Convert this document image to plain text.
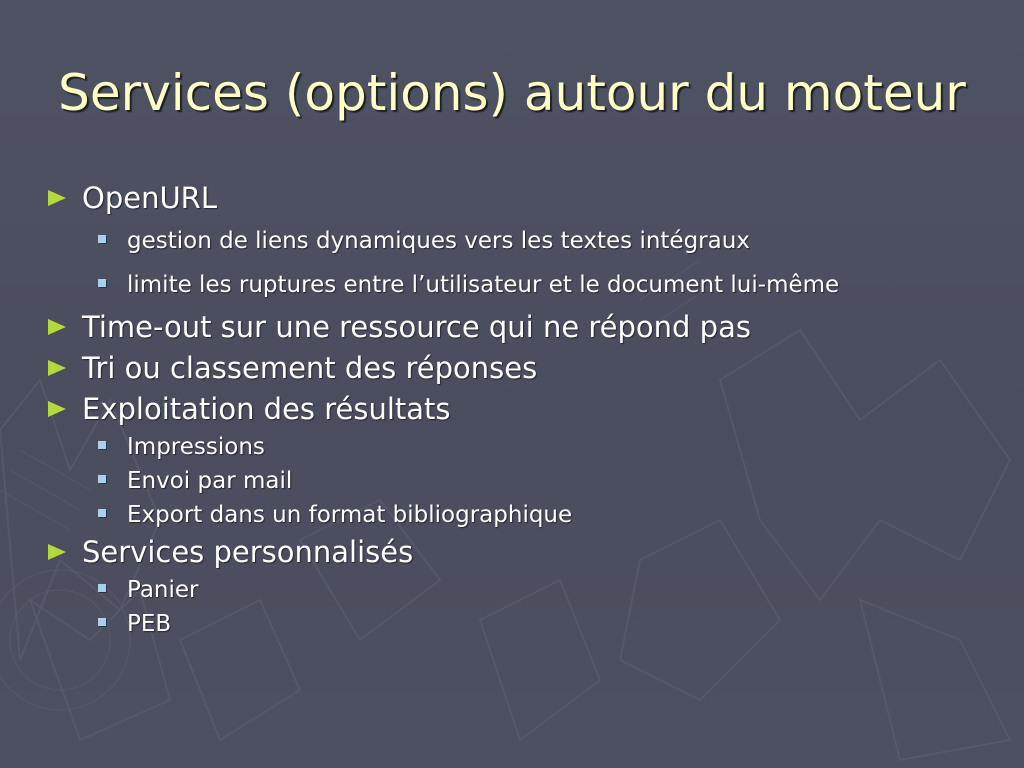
Services (options) autour du moteur
OpenURL
gestion de liens dynamiques vers les textes intégraux
limite les ruptures entre l’utilisateur et le document lui-même
Time-out sur une ressource qui ne répond pas
Tri ou classement des réponses
Exploitation des résultats
Impressions
Envoi par mail
Export dans un format bibliographique
Services personnalisés
Panier
PEB
